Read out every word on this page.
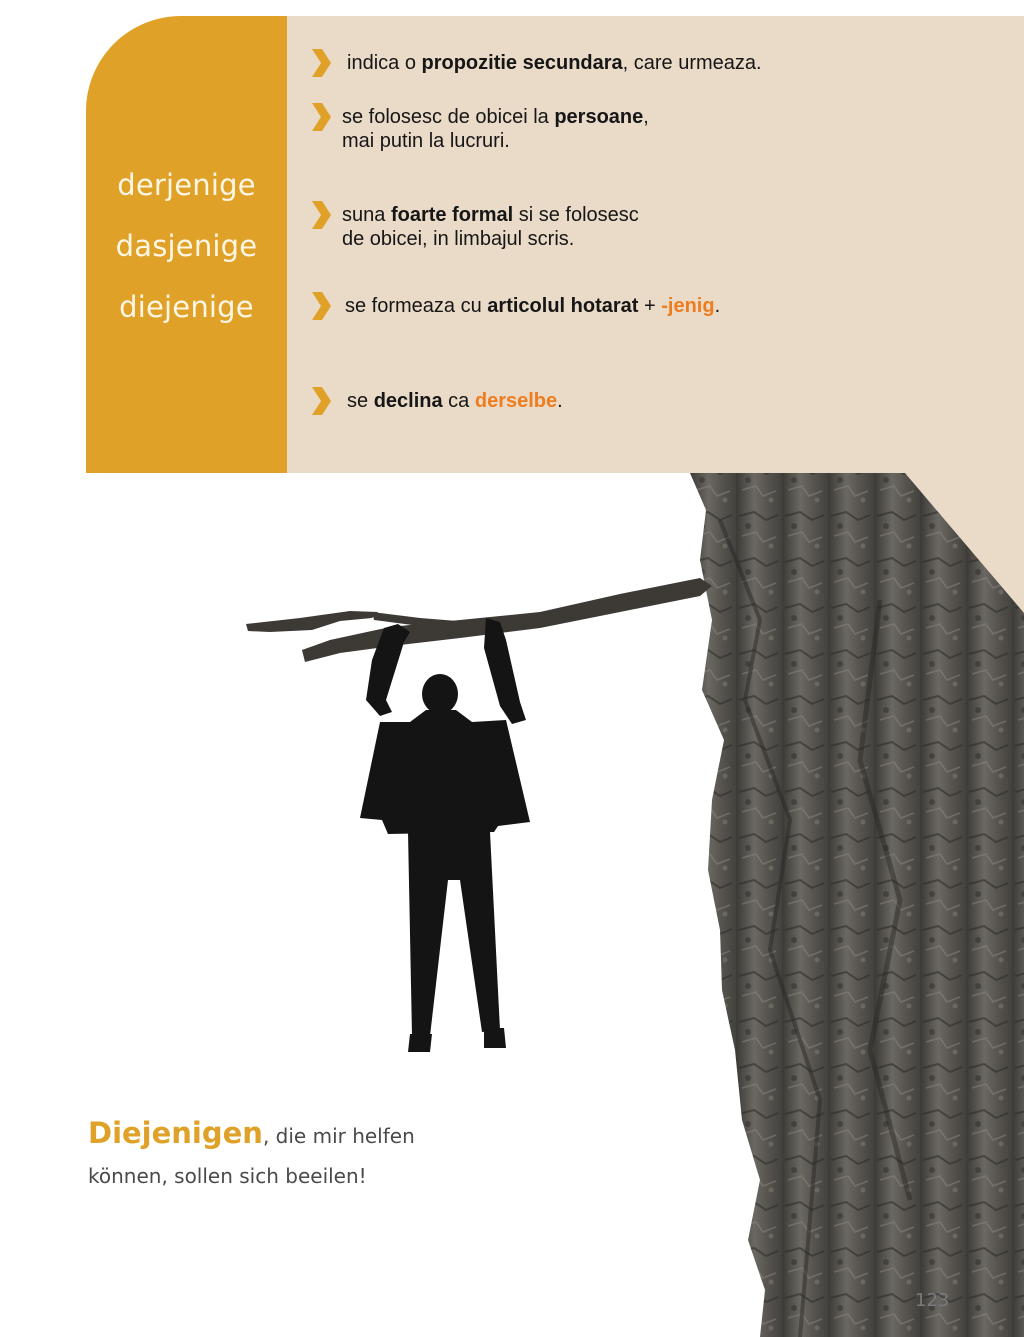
derjenige
dasjenige
diejenige
indica o propozitie secundara, care urmeaza.
se folosesc de obicei la persoane,
mai putin la lucruri.
suna foarte formal si se folosesc
de obicei, in limbajul scris.
se formeaza cu articolul hotarat + -jenig.
se declina ca derselbe.
Diejenigen, die mir helfen
können, sollen sich beeilen!
123
